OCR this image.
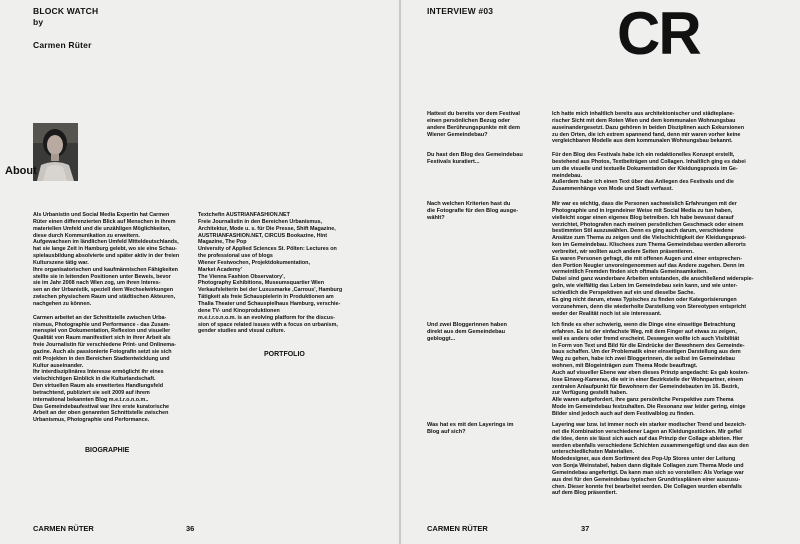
BLOCK WATCH
by
Carmen Rüter
About
Als Urbanistin und Social Media Expertin hat Carmen
Rüter einen differenzierten Blick auf Menschen in ihrem
materiellen Umfeld und die unzähligen Möglichkeiten,
diese durch Kommunikation zu erweitern.
Aufgewachsen im ländlichen Umfeld Mitteldeutschlands,
hat sie lange Zeit in Hamburg gelebt, wo sie eine Schau-
spielausbildung absolvierte und später aktiv in der freien
Kulturszene tätig war.
Ihre organisatorischen und kaufmännischen Fähigkeiten
stellte sie in leitenden Positionen unter Beweis, bevor
sie im Jahr 2008 nach Wien zog, um ihren Interes-
sen an der Urbanistik, speziell dem Wechselwirkungen
zwischen physischem Raum und städtischen Akteuren,
nachgehen zu können.

Carmen arbeitet an der Schnittstelle zwischen Urba-
nismus, Photographie und Performance - das Zusam-
menspiel von Dokumentation, Reflexion und visueller
Qualität von Raum manifestiert sich in ihrer Arbeit als
freie Journalistin für verschiedene Print- und Onlinema-
gazine. Auch als passionierte Fotografin setzt sie sich
mit Projekten in den Bereichen Stadtentwicklung und
Kultur auseinander.
Ihr interdisziplinäres Interesse ermöglicht ihr eines
vielschichtigen Einblick in die Kulturlandschaft.
Den virtuellen Raum als erweitertes Handlungsfeld
betrachtend, publiziert sie seit 2009 auf ihrem
international bekannten Blog m.e.t.r.o.n.o.m..
Das Gemeindebaufestival war ihre erste kuratorische
Arbeit an der oben genannten Schnittstelle zwischen
Urbanismus, Photographie und Performance.
BIOGRAPHIE
Textchefin AUSTRIANFASHION.NET
Freie Journalistin in den Bereichen Urbanismus,
Architektur, Mode u. s. für Die Presse, Shift Magazine,
AUSTRIANFASHION.NET, CIRCUS Bookazine, Hint
Magazine, The Pop
University of Applied Sciences St. Pölten: Lectures on
the professional use of blogs
Wiener Festwochen, Projektdokumentation,
Market Academy'
The Vienna Fashion Observatory',
Photography Exhibitions, Museumsquartier Wien
Verkaufsleiterin bei der Luxusmarke ,Carrous', Hamburg
Tätigkeit als freie Schauspielerin in Produktionen am
Thalia Theater und Schauspielhaus Hamburg, verschie-
dene TV- und Kinoproduktionen
m.e.t.r.o.n.o.m. is an evolving platform for the discus-
sion of space related issues with a focus on urbanism,
gender studies and visual culture.
PORTFOLIO
CARMEN RÜTER	36
INTERVIEW #03 CR
Hattest du bereits vor dem Festival
einen persönlichen Bezug oder
andere Berührungspunkte mit dem
Wiener Gemeindebau?
Ich hatte mich inhaltlich bereits aus architektonischer und städteplane-
rischer Sicht mit dem Roten Wien und dem kommunalen Wohnungsbau
auseinandergesetzt. Dazu gehören in beiden Disziplinen auch Exkursionen
zu den Orten, die ich extrem spannend fand, denn mir waren vorher keine
vergleichbaren Modelle aus dem kommunalen Wohnungsbau bekannt.
Du hast den Blog des Gemeindebau
Festivals kuratiert...
Für den Blog des Festivals habe ich ein redaktionelles Konzept erstellt,
bestehend aus Photos, Textbeiträgen und Collagen. Inhaltlich ging es dabei
um die visuelle und textuelle Dokumentation der Kleidungspraxis im Ge-
meindebau.
Außerdem habe ich einen Text über das Anliegen des Festivals und die
Zusammenhänge von Mode und Stadt verfasst.
Nach welchen Kriterien hast du
die Fotografie für den Blog ausge-
wählt?
Mir war es wichtig, dass die Personen sachweislich Erfahrungen mit der
Photographie und in irgendeiner Weise mit Social Media zu tun haben,
vielleicht sogar einen eigenes Blog betreiben. Ich habe bewusst darauf
verzichtet, Photografen nach meinen persönlichen Geschmack oder einem
bestimmten Stil auszuwählen. Denn es ging auch darum, verschiedene
Ansätze zum Thema zu zeigen und die Vielschichtigkeit der Kleidungspraxi-
ken im Gemeindebau. Klischees zum Thema Gemeindebau werden allerorts
verbreitet, wir wollten auch andere Seiten präsentieren.
Es waren Personen gefragt, die mit offenen Augen und einer entsprechen-
den Portion Neugier unvoreingenommen auf das Andere zugehen. Denn im
vermeintlich Fremden finden sich oftmals Gemeinsamkeiten.
Dabei sind ganz wunderbare Arbeiten entstanden, die anschließend widerspie-
geln, wie vielfältig das Leben im Gemeindebau sein kann, und wie unter-
schiedlich die Perspektiven auf ein und dieselbe Sache.
Es ging nicht darum, etwas Typisches zu finden oder Kategorisierungen
vorzunehmen, denn die wiederholte Darstellung von Stereotypen entspricht
weder der Realität noch ist sie interessant.
Und zwei Bloggerinnen haben
direkt aus dem Gemeindebau
gebloggt...
Ich finde es eher schwierig, wenn die Dinge eine einseitige Betrachtung
erfahren. Es ist der einfachste Weg, mit dem Finger auf etwas zu zeigen,
weil es anders oder fremd erscheint. Deswegen wollte ich auch Visibilität
in Form von Text und Bild für die Eindrücke der Bewohnern des Gemeinde-
baus schaffen. Um der Problematik einer einseitigen Darstellung aus dem
Weg zu gehen, habe ich zwei Bloggerinnen, die selbst im Gemeindebau
wohnen, mit Blogeinträgen zum Thema Mode beauftragt.
Auch auf visueller Ebene war eben dieses Prinzip angedacht: Es gab kosten-
lose Einweg-Kameras, die wir in einer Bezirkstelle der Wohnpartner, einem
zentralen Anlaufpunkt für Bewohnern der Gemeindebauten im 16. Bezirk,
zur Verfügung gestellt haben.
Alle waren aufgefordert, ihre ganz persönliche Perspektive zum Thema
Mode im Gemeindebau festzuhalten. Die Resonanz war leider gering, einige
Bilder sind jedoch auch auf dem Festivalblog zu finden.
Was hat es mit den Layerings im
Blog auf sich?
Layering war bzw. ist immer noch ein starker modischer Trend und bezeich-
net die Kombination verschiedener Lagen an Kleidungsstücken. Mir gefiel
die Idee, denn sie lässt sich auch auf das Prinzip der Collage ableiten. Hier
werden ebenfalls verschiedene Schichten zusammengefügt und das aus den
unterschiedlichsten Materialien.
Modedesigner, aus dem Sortiment des Pop-Up Stores unter der Leitung
von Sonja Weinstabel, haben dann digitale Collagen zum Thema Mode und
Gemeindebau angefertigt. Da kann man sich so vorstellen: Als Vorlage war
aus drei für den Gemeindebau typischen Grundrissplänen einer auszusu-
chen. Dieser konnte frei bearbeitet werden. Die Collagen wurden ebenfalls
auf dem Blog präsentiert.
CARMEN RÜTER	37
